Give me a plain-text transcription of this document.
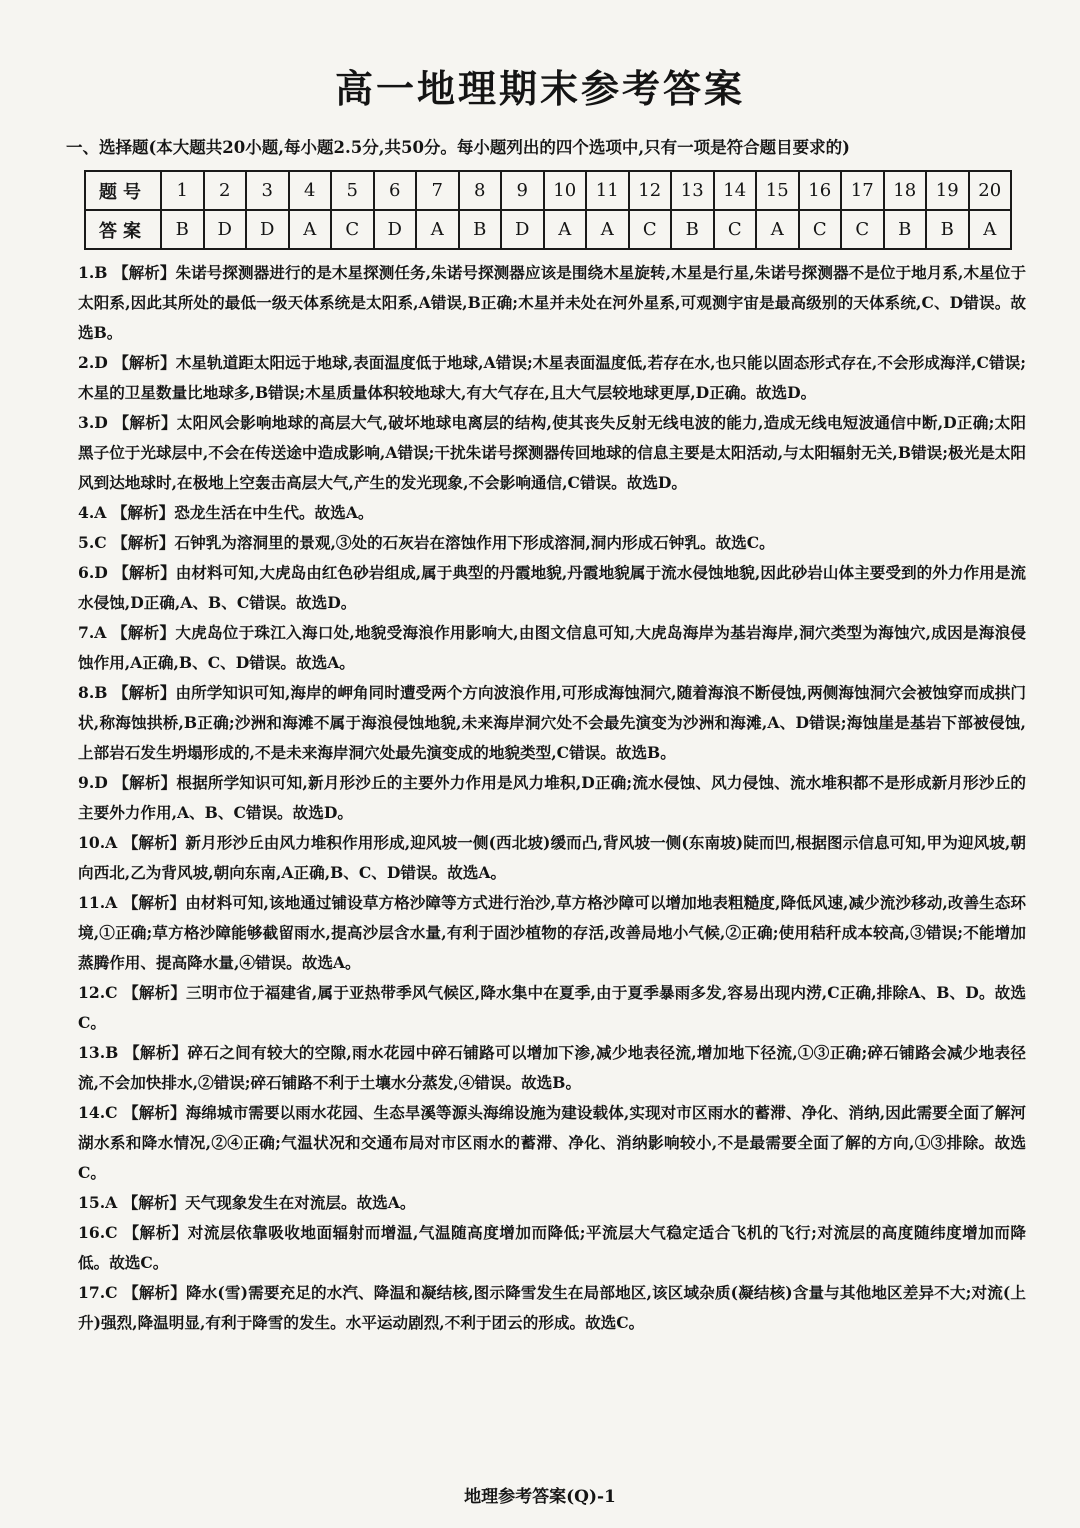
高一地理期末参考答案
一、选择题(本大题共20小题,每小题2.5分,共50分。每小题列出的四个选项中,只有一项是符合题目要求的)
题号	1	2	3	4	5	6	7	8	9	10	11	12	13	14	15	16	17	18	19	20
答案	B	D	D	A	C	D	A	B	D	A	A	C	B	C	A	C	C	B	B	A

1.B 【解析】朱诺号探测器进行的是木星探测任务,朱诺号探测器应该是围绕木星旋转,木星是行星,朱诺号探测器不是位于地月系,木星位于太阳系,因此其所处的最低一级天体系统是太阳系,A错误,B正确;木星并未处在河外星系,可观测宇宙是最高级别的天体系统,C、D错误。故选B。

2.D 【解析】木星轨道距太阳远于地球,表面温度低于地球,A错误;木星表面温度低,若存在水,也只能以固态形式存在,不会形成海洋,C错误;木星的卫星数量比地球多,B错误;木星质量体积较地球大,有大气存在,且大气层较地球更厚,D正确。故选D。

3.D 【解析】太阳风会影响地球的高层大气,破坏地球电离层的结构,使其丧失反射无线电波的能力,造成无线电短波通信中断,D正确;太阳黑子位于光球层中,不会在传送途中造成影响,A错误;干扰朱诺号探测器传回地球的信息主要是太阳活动,与太阳辐射无关,B错误;极光是太阳风到达地球时,在极地上空轰击高层大气,产生的发光现象,不会影响通信,C错误。故选D。

4.A 【解析】恐龙生活在中生代。故选A。

5.C 【解析】石钟乳为溶洞里的景观,③处的石灰岩在溶蚀作用下形成溶洞,洞内形成石钟乳。故选C。

6.D 【解析】由材料可知,大虎岛由红色砂岩组成,属于典型的丹霞地貌,丹霞地貌属于流水侵蚀地貌,因此砂岩山体主要受到的外力作用是流水侵蚀,D正确,A、B、C错误。故选D。

7.A 【解析】大虎岛位于珠江入海口处,地貌受海浪作用影响大,由图文信息可知,大虎岛海岸为基岩海岸,洞穴类型为海蚀穴,成因是海浪侵蚀作用,A正确,B、C、D错误。故选A。

8.B 【解析】由所学知识可知,海岸的岬角同时遭受两个方向波浪作用,可形成海蚀洞穴,随着海浪不断侵蚀,两侧海蚀洞穴会被蚀穿而成拱门状,称海蚀拱桥,B正确;沙洲和海滩不属于海浪侵蚀地貌,未来海岸洞穴处不会最先演变为沙洲和海滩,A、D错误;海蚀崖是基岩下部被侵蚀,上部岩石发生坍塌形成的,不是未来海岸洞穴处最先演变成的地貌类型,C错误。故选B。

9.D 【解析】根据所学知识可知,新月形沙丘的主要外力作用是风力堆积,D正确;流水侵蚀、风力侵蚀、流水堆积都不是形成新月形沙丘的主要外力作用,A、B、C错误。故选D。

10.A 【解析】新月形沙丘由风力堆积作用形成,迎风坡一侧(西北坡)缓而凸,背风坡一侧(东南坡)陡而凹,根据图示信息可知,甲为迎风坡,朝向西北,乙为背风坡,朝向东南,A正确,B、C、D错误。故选A。

11.A 【解析】由材料可知,该地通过铺设草方格沙障等方式进行治沙,草方格沙障可以增加地表粗糙度,降低风速,减少流沙移动,改善生态环境,①正确;草方格沙障能够截留雨水,提高沙层含水量,有利于固沙植物的存活,改善局地小气候,②正确;使用秸秆成本较高,③错误;不能增加蒸腾作用、提高降水量,④错误。故选A。

12.C 【解析】三明市位于福建省,属于亚热带季风气候区,降水集中在夏季,由于夏季暴雨多发,容易出现内涝,C正确,排除A、B、D。故选C。

13.B 【解析】碎石之间有较大的空隙,雨水花园中碎石铺路可以增加下渗,减少地表径流,增加地下径流,①③正确;碎石铺路会减少地表径流,不会加快排水,②错误;碎石铺路不利于土壤水分蒸发,④错误。故选B。

14.C 【解析】海绵城市需要以雨水花园、生态旱溪等源头海绵设施为建设载体,实现对市区雨水的蓄滞、净化、消纳,因此需要全面了解河湖水系和降水情况,②④正确;气温状况和交通布局对市区雨水的蓄滞、净化、消纳影响较小,不是最需要全面了解的方向,①③排除。故选C。

15.A 【解析】天气现象发生在对流层。故选A。

16.C 【解析】对流层依靠吸收地面辐射而增温,气温随高度增加而降低;平流层大气稳定适合飞机的飞行;对流层的高度随纬度增加而降低。故选C。

17.C 【解析】降水(雪)需要充足的水汽、降温和凝结核,图示降雪发生在局部地区,该区域杂质(凝结核)含量与其他地区差异不大;对流(上升)强烈,降温明显,有利于降雪的发生。水平运动剧烈,不利于团云的形成。故选C。

地理参考答案(Q)-1
